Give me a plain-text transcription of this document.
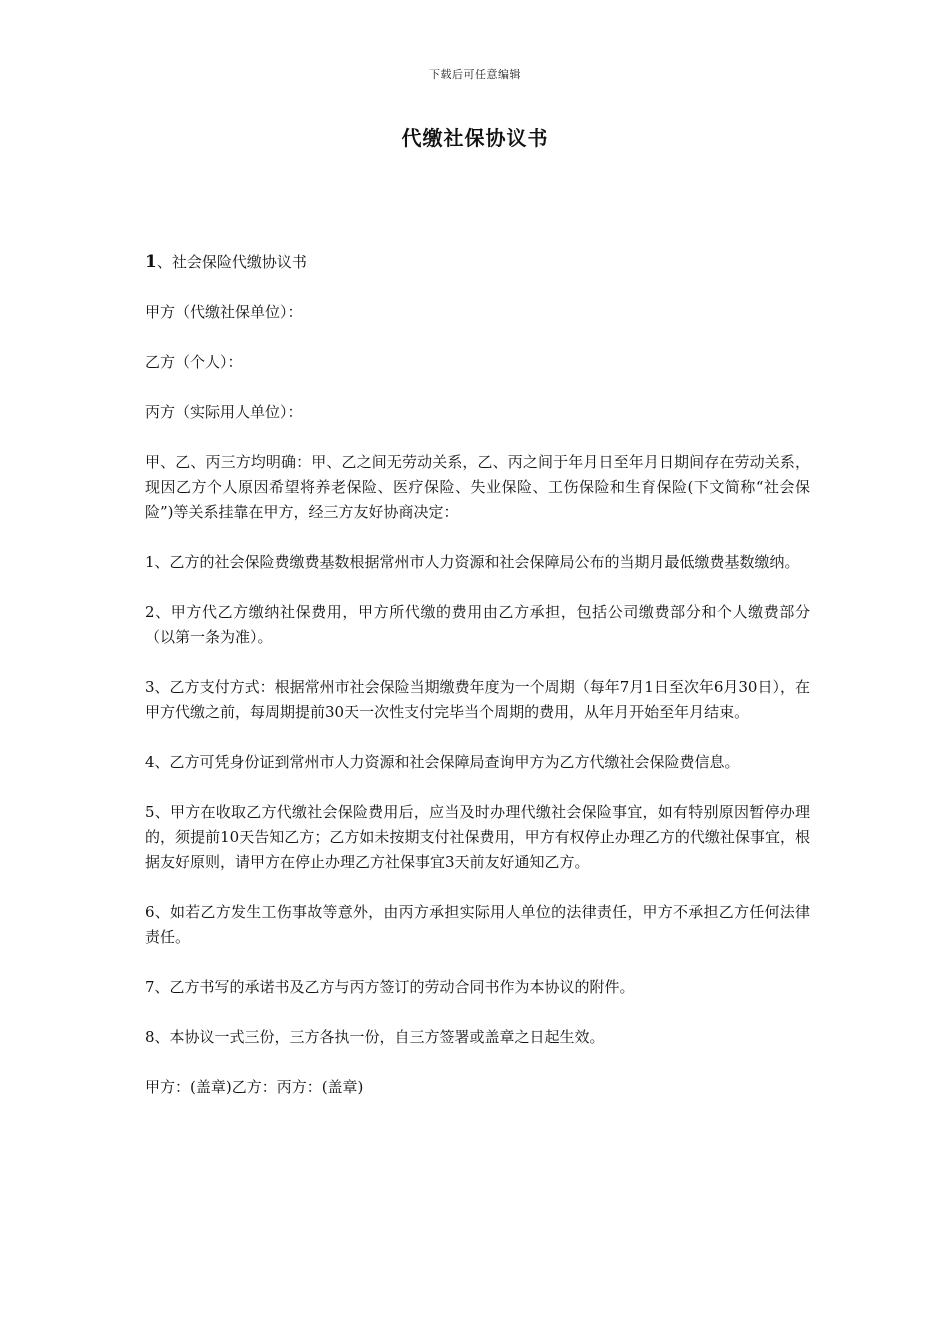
下载后可任意编辑
代缴社保协议书

1、社会保险代缴协议书

甲方（代缴社保单位）：

乙方（个人）：

丙方（实际用人单位）：

甲、乙、丙三方均明确：甲、乙之间无劳动关系，乙、丙之间于年月日至年月日期间存在劳动关系，现因乙方个人原因希望将养老保险、医疗保险、失业保险、工伤保险和生育保险(下文简称“社会保险”)等关系挂靠在甲方，经三方友好协商决定：

1、乙方的社会保险费缴费基数根据常州市人力资源和社会保障局公布的当期月最低缴费基数缴纳。

2、甲方代乙方缴纳社保费用，甲方所代缴的费用由乙方承担，包括公司缴费部分和个人缴费部分（以第一条为准）。

3、乙方支付方式：根据常州市社会保险当期缴费年度为一个周期（每年7月1日至次年6月30日），在甲方代缴之前，每周期提前30天一次性支付完毕当个周期的费用，从年月开始至年月结束。

4、乙方可凭身份证到常州市人力资源和社会保障局查询甲方为乙方代缴社会保险费信息。

5、甲方在收取乙方代缴社会保险费用后，应当及时办理代缴社会保险事宜，如有特别原因暂停办理的，须提前10天告知乙方；乙方如未按期支付社保费用，甲方有权停止办理乙方的代缴社保事宜，根据友好原则，请甲方在停止办理乙方社保事宜3天前友好通知乙方。

6、如若乙方发生工伤事故等意外，由丙方承担实际用人单位的法律责任，甲方不承担乙方任何法律责任。

7、乙方书写的承诺书及乙方与丙方签订的劳动合同书作为本协议的附件。

8、本协议一式三份，三方各执一份，自三方签署或盖章之日起生效。

甲方：(盖章)乙方：丙方：(盖章)
